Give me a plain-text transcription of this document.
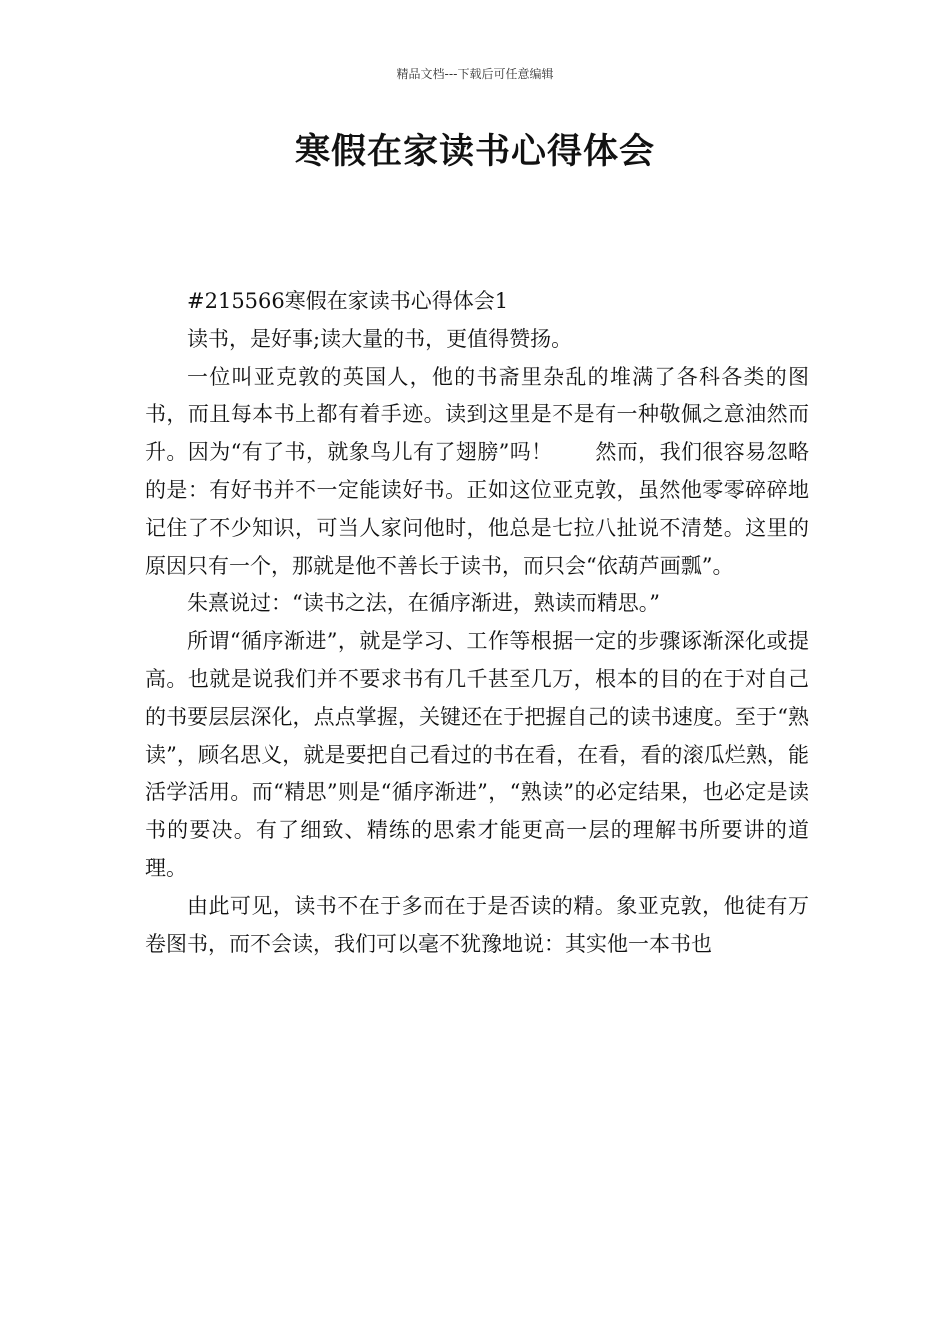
精品文档---下载后可任意编辑
寒假在家读书心得体会

#215566寒假在家读书心得体会1

读书，是好事;读大量的书，更值得赞扬。

一位叫亚克敦的英国人，他的书斋里杂乱的堆满了各科各类的图书，而且每本书上都有着手迹。读到这里是不是有一种敬佩之意油然而升。因为“有了书，就象鸟儿有了翅膀”吗！　　然而，我们很容易忽略的是：有好书并不一定能读好书。正如这位亚克敦，虽然他零零碎碎地记住了不少知识，可当人家问他时，他总是七拉八扯说不清楚。这里的原因只有一个，那就是他不善长于读书，而只会“依葫芦画瓢”。

朱熹说过：“读书之法，在循序渐进，熟读而精思。”

所谓“循序渐进”，就是学习、工作等根据一定的步骤诼渐深化或提高。也就是说我们并不要求书有几千甚至几万，根本的目的在于对自己的书要层层深化，点点掌握，关键还在于把握自己的读书速度。至于“熟读”，顾名思义，就是要把自己看过的书在看，在看，看的滚瓜烂熟，能活学活用。而“精思”则是“循序渐进”，“熟读”的必定结果，也必定是读书的要决。有了细致、精练的思索才能更高一层的理解书所要讲的道理。

由此可见，读书不在于多而在于是否读的精。象亚克敦，他徒有万卷图书，而不会读，我们可以毫不犹豫地说：其实他一本书也
